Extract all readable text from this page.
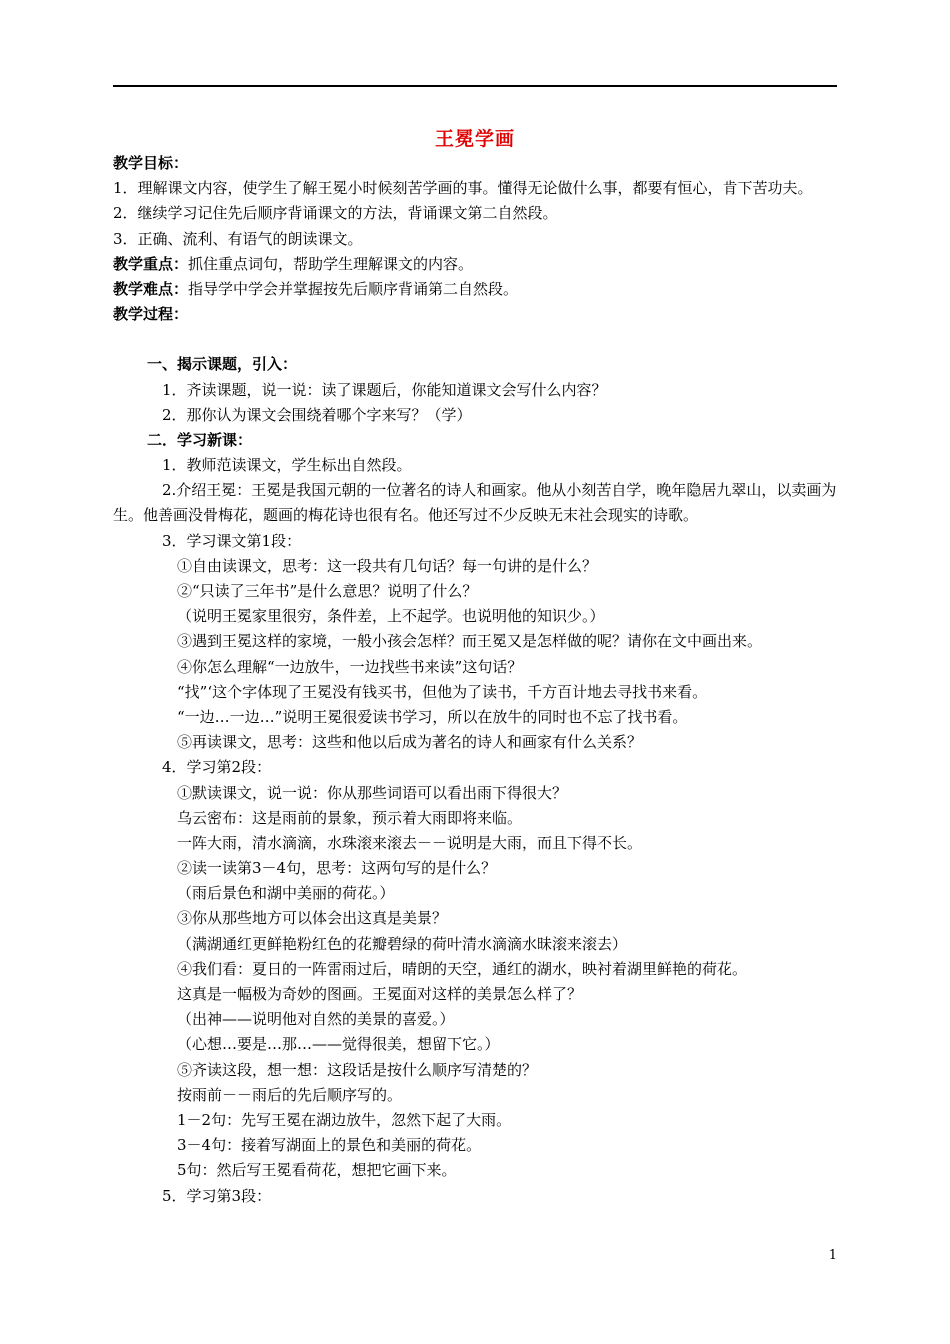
王冕学画
教学目标：
1．理解课文内容，使学生了解王冕小时候刻苦学画的事。懂得无论做什么事，都要有恒心，肯下苦功夫。
2．继续学习记住先后顺序背诵课文的方法，背诵课文第二自然段。
3．正确、流利、有语气的朗读课文。
教学重点：抓住重点词句，帮助学生理解课文的内容。
教学难点：指导学中学会并掌握按先后顺序背诵第二自然段。
教学过程：
一、揭示课题，引入：
1．齐读课题，说一说：读了课题后，你能知道课文会写什么内容？
2．那你认为课文会围绕着哪个字来写？（学）
二．学习新课：
1．教师范读课文，学生标出自然段。
2.介绍王冕：王冕是我国元朝的一位著名的诗人和画家。他从小刻苦自学，晚年隐居九翠山，以卖画为生。他善画没骨梅花，题画的梅花诗也很有名。他还写过不少反映无末社会现实的诗歌。
3．学习课文第1段：
①自由读课文，思考：这一段共有几句话？每一句讲的是什么？
②“只读了三年书”是什么意思？说明了什么？
（说明王冕家里很穷，条件差，上不起学。也说明他的知识少。）
③遇到王冕这样的家境，一般小孩会怎样？而王冕又是怎样做的呢？请你在文中画出来。
④你怎么理解“一边放牛，一边找些书来读”这句话？
“找”‘这个字体现了王冕没有钱买书，但他为了读书，千方百计地去寻找书来看。
“一边…一边…”说明王冕很爱读书学习，所以在放牛的同时也不忘了找书看。
⑤再读课文，思考：这些和他以后成为著名的诗人和画家有什么关系？
4．学习第2段：
①默读课文，说一说：你从那些词语可以看出雨下得很大？
乌云密布：这是雨前的景象，预示着大雨即将来临。
一阵大雨，清水滴滴，水珠滚来滚去－－说明是大雨，而且下得不长。
②读一读第3－4句，思考：这两句写的是什么？
（雨后景色和湖中美丽的荷花。）
③你从那些地方可以体会出这真是美景？
（满湖通红更鲜艳粉红色的花瓣碧绿的荷叶清水滴滴水昧滚来滚去）
④我们看：夏日的一阵雷雨过后，晴朗的天空，通红的湖水，映衬着湖里鲜艳的荷花。
这真是一幅极为奇妙的图画。王冕面对这样的美景怎么样了？
（出神——说明他对自然的美景的喜爱。）
（心想…要是…那…——觉得很美，想留下它。）
⑤齐读这段，想一想：这段话是按什么顺序写清楚的？
按雨前－－雨后的先后顺序写的。
1－2句：先写王冕在湖边放牛，忽然下起了大雨。
3－4句：接着写湖面上的景色和美丽的荷花。
5句：然后写王冕看荷花，想把它画下来。
5．学习第3段：
1
